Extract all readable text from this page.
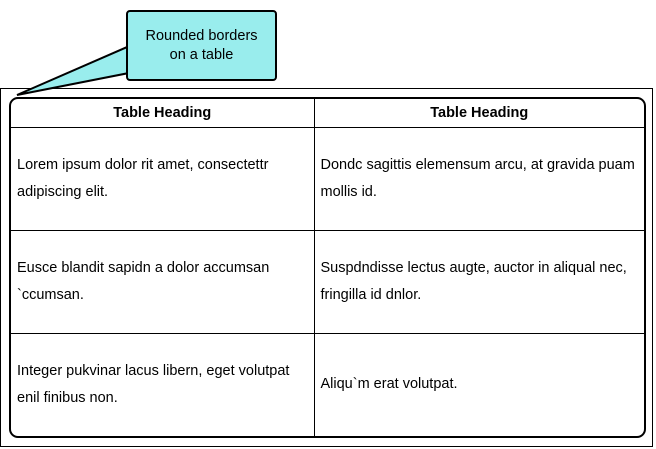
Table Heading	Table Heading
Lorem ipsum dolor rit amet, consectettr adipiscing elit.	Dondc sagittis elemensum arcu, at gravida puam mollis id.
Eusce blandit sapidn a dolor accumsan `ccumsan.	Suspdndisse lectus augte, auctor in aliqual nec, fringilla id dnlor.
Integer pukvinar lacus libern, eget volutpat enil finibus non.	Aliqu`m erat volutpat.
Rounded borders
on a table
